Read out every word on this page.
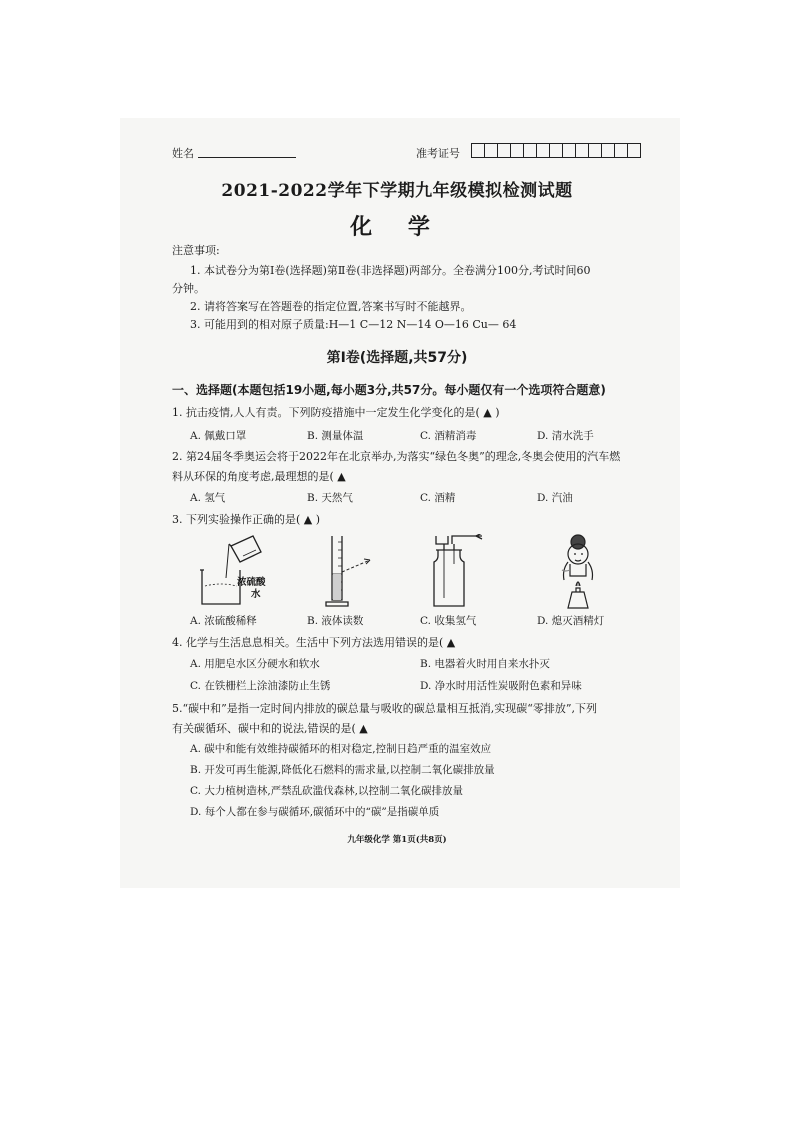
姓名	准考证号
2021-2022学年下学期九年级模拟检测试题
化 学
注意事项:
1. 本试卷分为第Ⅰ卷(选择题)第Ⅱ卷(非选择题)两部分。全卷满分100分,考试时间60
分钟。
2. 请将答案写在答题卷的指定位置,答案书写时不能越界。
3. 可能用到的相对原子质量:H—1 C—12 N—14 O—16 Cu— 64
第Ⅰ卷(选择题,共57分)
一、选择题(本题包括19小题,每小题3分,共57分。每小题仅有一个选项符合题意)
1. 抗击疫情,人人有责。下列防疫措施中一定发生化学变化的是( ▲ )
A. 佩戴口罩	B. 测量体温	C. 酒精消毒	D. 清水洗手
2. 第24届冬季奥运会将于2022年在北京举办,为落实“绿色冬奥”的理念,冬奥会使用的汽车燃
料从环保的角度考虑,最理想的是( ▲
A. 氢气	B. 天然气	C. 酒精	D. 汽油
3. 下列实验操作正确的是( ▲ )
浓硫酸
水
A. 浓硫酸稀释	B. 液体读数	C. 收集氢气	D. 熄灭酒精灯
4. 化学与生活息息相关。生活中下列方法选用错误的是( ▲
A. 用肥皂水区分硬水和软水	B. 电器着火时用自来水扑灭
C. 在铁栅栏上涂油漆防止生锈	D. 净水时用活性炭吸附色素和异味
5.“碳中和”是指一定时间内排放的碳总量与吸收的碳总量相互抵消,实现碳“零排放”,下列
有关碳循环、碳中和的说法,错误的是( ▲
A. 碳中和能有效维持碳循环的相对稳定,控制日趋严重的温室效应
B. 开发可再生能源,降低化石燃料的需求量,以控制二氧化碳排放量
C. 大力植树造林,严禁乱砍滥伐森林,以控制二氧化碳排放量
D. 每个人都在参与碳循环,碳循环中的“碳”是指碳单质
九年级化学 第1页(共8页)
